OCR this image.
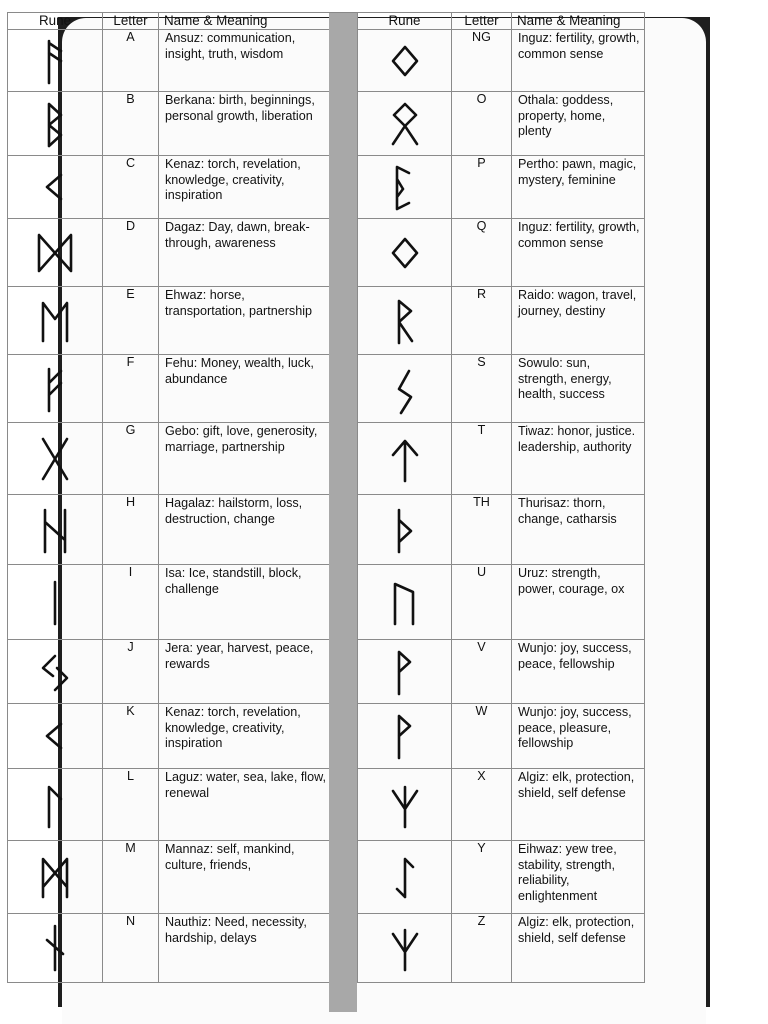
Rune	Letter	Name & Meaning

	A	Ansuz: communication, insight, truth, wisdom

	B	Berkana: birth, beginnings, personal growth, liberation

	C	Kenaz: torch, revelation, knowledge, creativity, inspiration

	D	Dagaz: Day, dawn, break-through, awareness

	E	Ehwaz: horse, transportation, partnership

	F	Fehu: Money, wealth, luck, abundance

	G	Gebo: gift, love, generosity, marriage, partnership

	H	Hagalaz: hailstorm, loss, destruction, change

	I	Isa: Ice, standstill, block, challenge

	J	Jera: year, harvest, peace, rewards

	K	Kenaz: torch, revelation, knowledge, creativity, inspiration

	L	Laguz: water, sea, lake, flow, renewal

	M	Mannaz: self, mankind, culture, friends,

	N	Nauthiz: Need, necessity, hardship, delays
Rune	Letter	Name & Meaning

	NG	Inguz: fertility, growth, common sense

	O	Othala: goddess, property, home, plenty

	P	Pertho: pawn, magic, mystery, feminine

	Q	Inguz: fertility, growth, common sense

	R	Raido: wagon, travel, journey, destiny

	S	Sowulo: sun, strength, energy, health, success

	T	Tiwaz: honor, justice. leadership, authority

	TH	Thurisaz: thorn, change, catharsis

	U	Uruz: strength, power, courage, ox

	V	Wunjo: joy, success, peace, fellowship

	W	Wunjo: joy, success, peace, pleasure, fellowship

	X	Algiz: elk, protection, shield, self defense

	Y	Eihwaz: yew tree, stability, strength, reliability, enlightenment

	Z	Algiz: elk, protection, shield, self defense
